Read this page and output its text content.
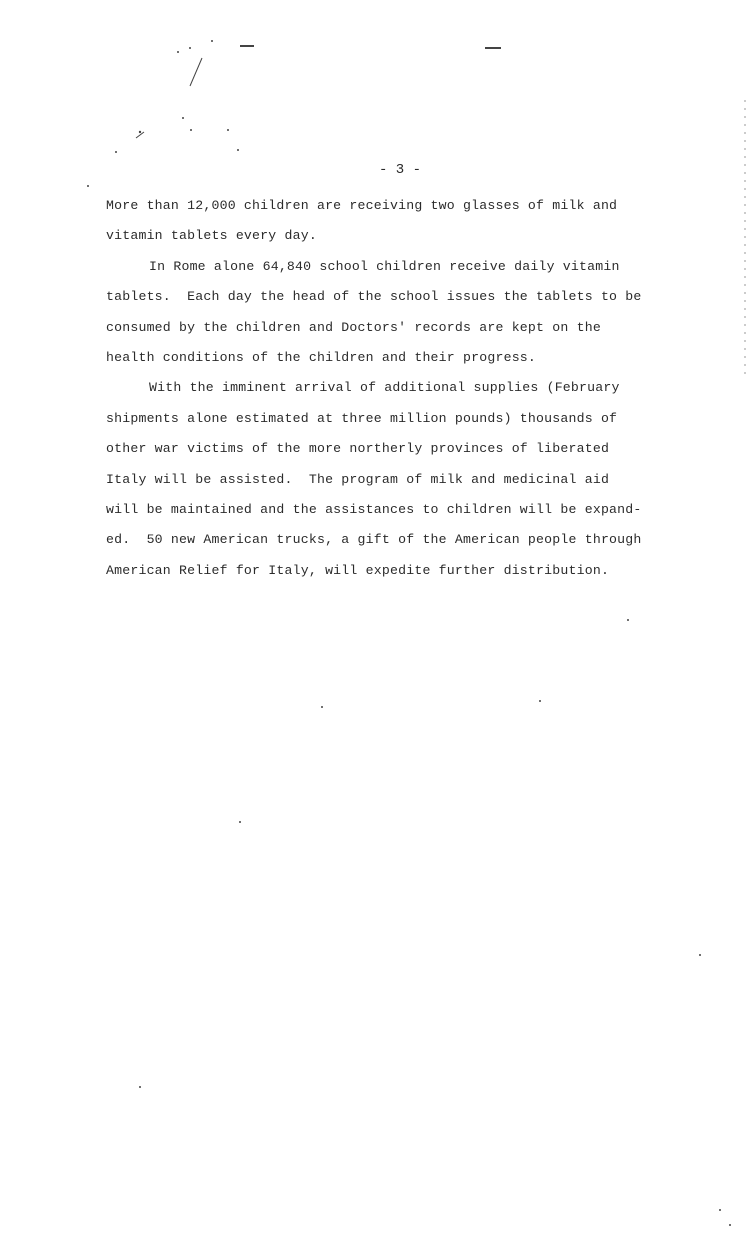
- 3 -
More than 12,000 children are receiving two glasses of milk and
vitamin tablets every day.
In Rome alone 64,840 school children receive daily vitamin
tablets.  Each day the head of the school issues the tablets to be
consumed by the children and Doctors' records are kept on the
health conditions of the children and their progress.
With the imminent arrival of additional supplies (February
shipments alone estimated at three million pounds) thousands of
other war victims of the more northerly provinces of liberated
Italy will be assisted.  The program of milk and medicinal aid
will be maintained and the assistances to children will be expand-
ed.  50 new American trucks, a gift of the American people through
American Relief for Italy, will expedite further distribution.
